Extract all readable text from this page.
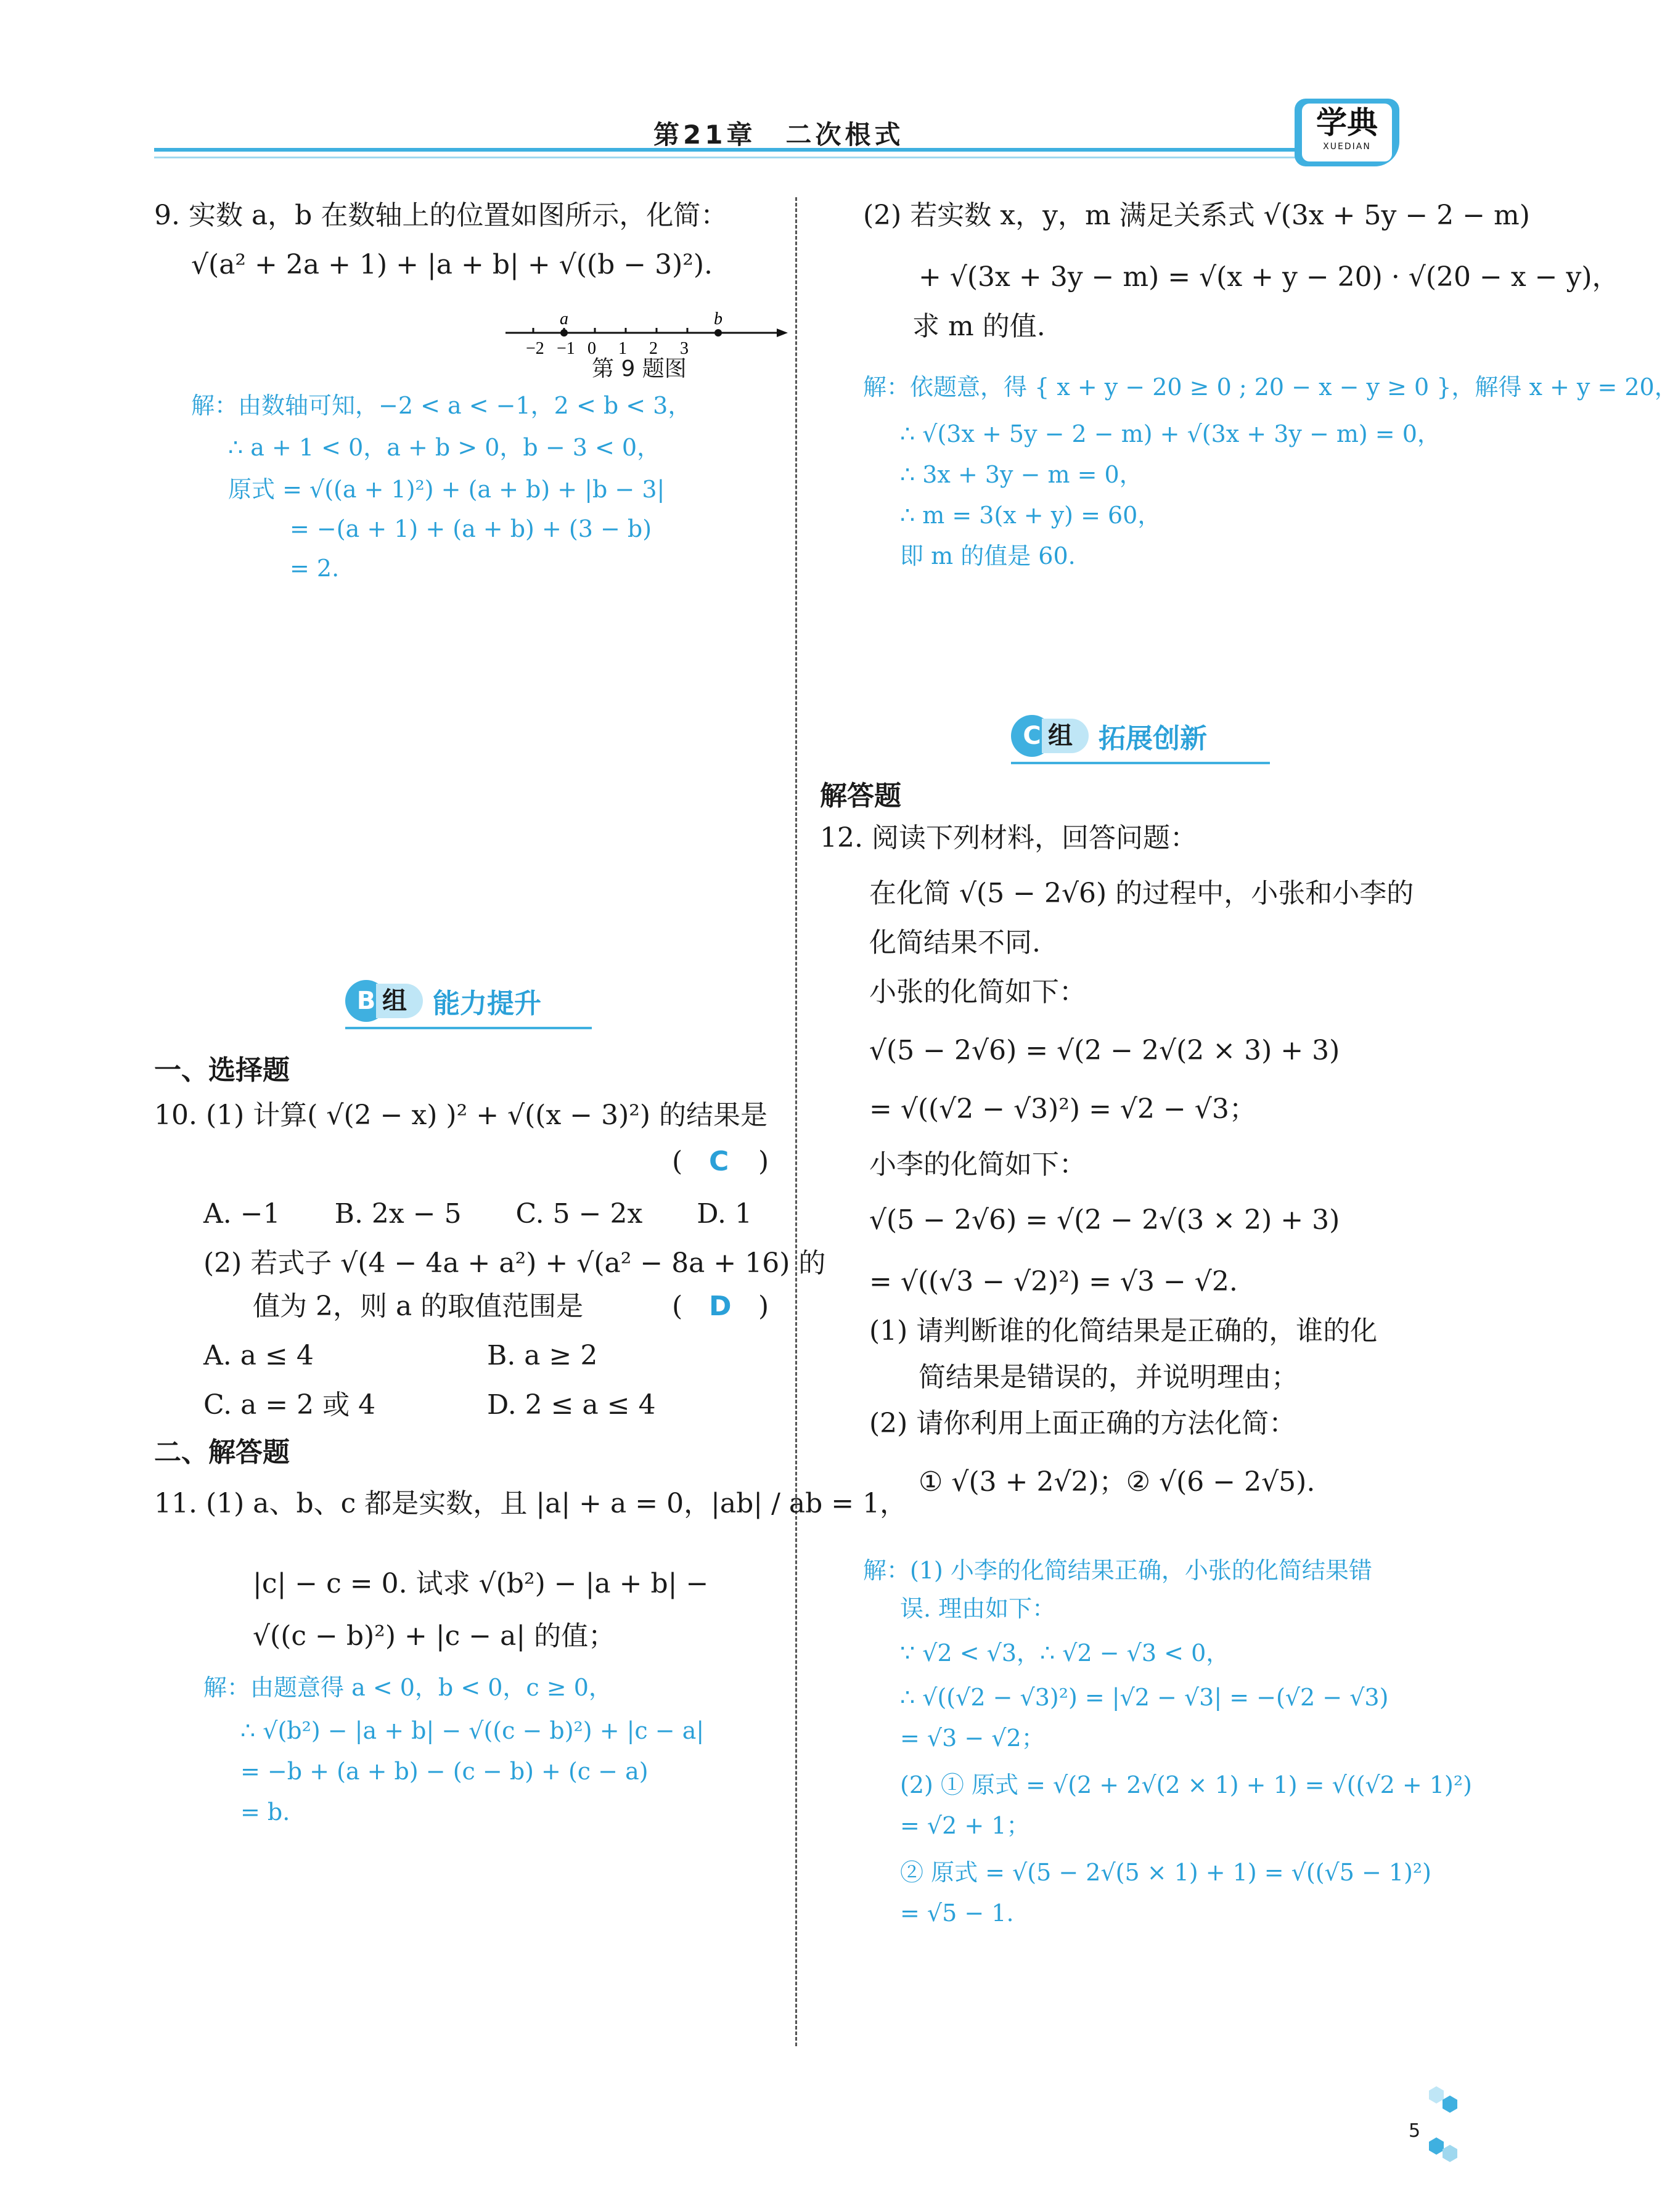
第21章　二次根式	学典
XUEDIAN
9. 实数 a，b 在数轴上的位置如图所示，化简：
√(a² + 2a + 1) + |a + b| + √((b − 3)²).
−2 −1 0 1 2 3
a	b
第 9 题图
解：由数轴可知，−2 < a < −1，2 < b < 3，
∴ a + 1 < 0，a + b > 0，b − 3 < 0，
原式 = √((a + 1)²) + (a + b) + |b − 3|
= −(a + 1) + (a + b) + (3 − b)
= 2.
B 组 能力提升
一、选择题
10. (1) 计算( √(2 − x) )² + √((x − 3)²) 的结果是
( C )
A. −1　　B. 2x − 5　　C. 5 − 2x　　D. 1
(2) 若式子 √(4 − 4a + a²) + √(a² − 8a + 16) 的
值为 2，则 a 的取值范围是	( D )
A. a ≤ 4	B. a ≥ 2
C. a = 2 或 4	D. 2 ≤ a ≤ 4
二、解答题
11. (1) a、b、c 都是实数，且 |a| + a = 0，|ab| / ab = 1，
|c| − c = 0. 试求 √(b²) − |a + b| −
√((c − b)²) + |c − a| 的值；
解：由题意得 a < 0，b < 0，c ≥ 0，
∴ √(b²) − |a + b| − √((c − b)²) + |c − a|
= −b + (a + b) − (c − b) + (c − a)
= b.
(2) 若实数 x，y，m 满足关系式 √(3x + 5y − 2 − m)
+ √(3x + 3y − m) = √(x + y − 20) · √(20 − x − y)，
求 m 的值.
解：依题意，得 { x + y − 20 ≥ 0 ; 20 − x − y ≥ 0 }，解得 x + y = 20，
∴ √(3x + 5y − 2 − m) + √(3x + 3y − m) = 0，
∴ 3x + 3y − m = 0，
∴ m = 3(x + y) = 60，
即 m 的值是 60.
C 组 拓展创新
解答题
12. 阅读下列材料，回答问题：
在化简 √(5 − 2√6) 的过程中，小张和小李的
化简结果不同.
小张的化简如下：
√(5 − 2√6) = √(2 − 2√(2 × 3) + 3)
= √((√2 − √3)²) = √2 − √3；
小李的化简如下：
√(5 − 2√6) = √(2 − 2√(3 × 2) + 3)
= √((√3 − √2)²) = √3 − √2.
(1) 请判断谁的化简结果是正确的，谁的化
简结果是错误的，并说明理由；
(2) 请你利用上面正确的方法化简：
① √(3 + 2√2)；② √(6 − 2√5).
解：(1) 小李的化简结果正确，小张的化简结果错
误. 理由如下：
∵ √2 < √3，∴ √2 − √3 < 0，
∴ √((√2 − √3)²) = |√2 − √3| = −(√2 − √3)
= √3 − √2；
(2) ① 原式 = √(2 + 2√(2 × 1) + 1) = √((√2 + 1)²)
= √2 + 1；
② 原式 = √(5 − 2√(5 × 1) + 1) = √((√5 − 1)²)
= √5 − 1.
5
